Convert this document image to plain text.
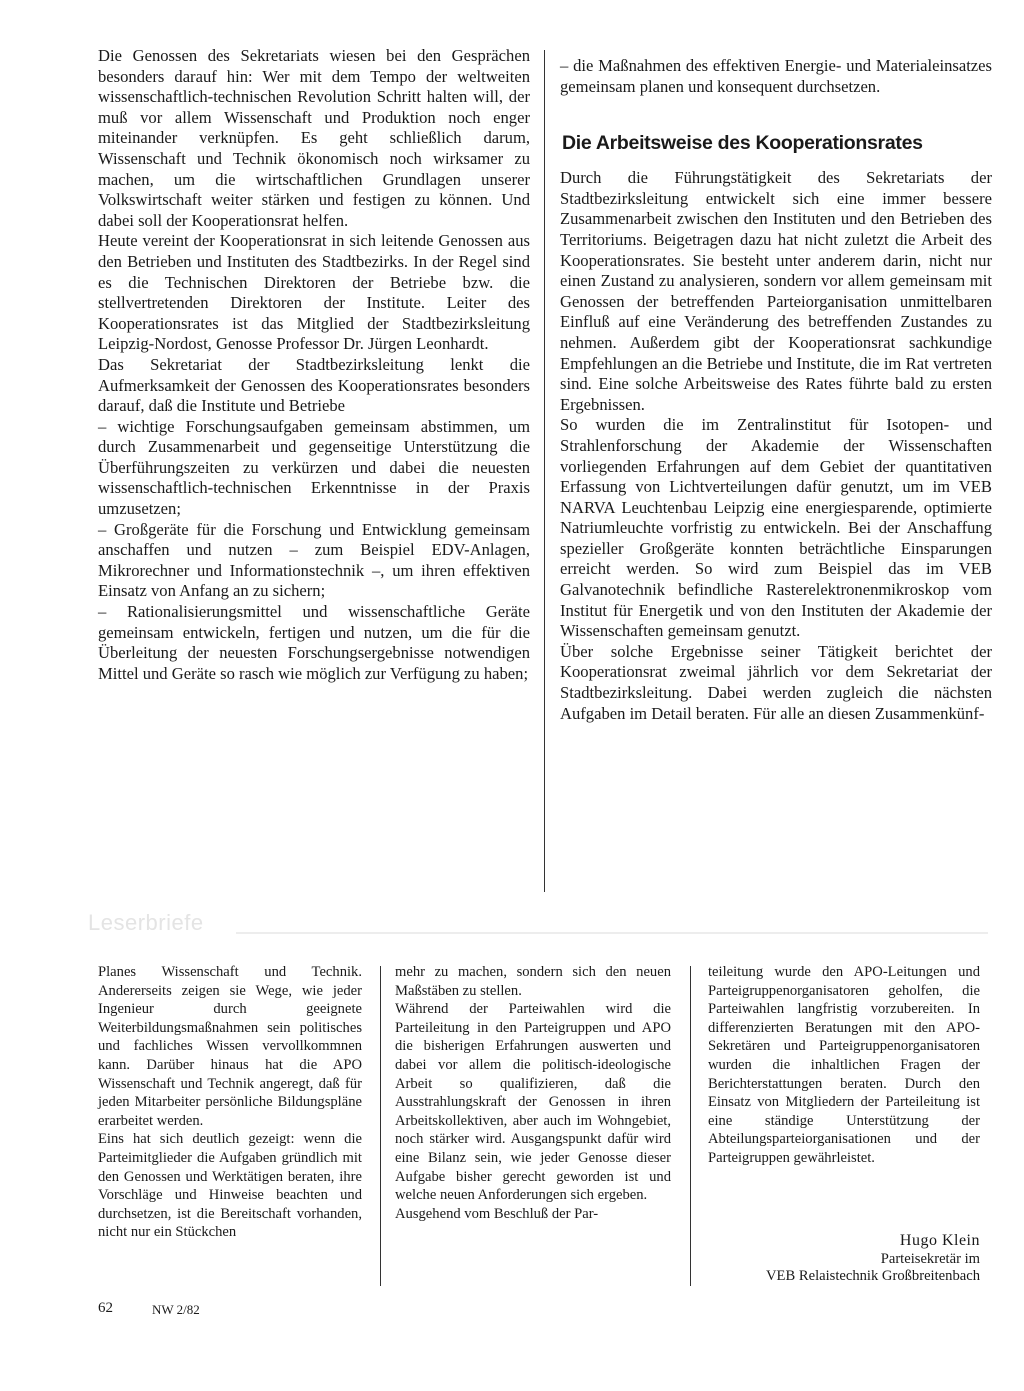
Die Genossen des Sekretariats wiesen bei den Gesprächen besonders darauf hin: Wer mit dem Tempo der weltweiten wissenschaftlich-technischen Revolution Schritt halten will, der muß vor allem Wissenschaft und Produktion noch enger miteinander verknüpfen. Es geht schließlich darum, Wissenschaft und Technik ökonomisch noch wirksamer zu machen, um die wirtschaftlichen Grundlagen unserer Volkswirtschaft weiter stärken und festigen zu können. Und dabei soll der Kooperationsrat helfen.

Heute vereint der Kooperationsrat in sich leitende Genossen aus den Betrieben und Instituten des Stadtbezirks. In der Regel sind es die Technischen Direktoren der Betriebe bzw. die stellvertretenden Direktoren der Institute. Leiter des Kooperationsrates ist das Mitglied der Stadtbezirksleitung Leipzig-Nordost, Genosse Professor Dr. Jürgen Leonhardt.

Das Sekretariat der Stadtbezirksleitung lenkt die Aufmerksamkeit der Genossen des Kooperationsrates besonders darauf, daß die Institute und Betriebe

– wichtige Forschungsaufgaben gemeinsam abstimmen, um durch Zusammenarbeit und gegenseitige Unterstützung die Überführungszeiten zu verkürzen und dabei die neuesten wissenschaftlich-technischen Erkenntnisse in der Praxis umzusetzen;

– Großgeräte für die Forschung und Entwicklung gemeinsam anschaffen und nutzen – zum Beispiel EDV-Anlagen, Mikrorechner und Informationstechnik –, um ihren effektiven Einsatz von Anfang an zu sichern;

– Rationalisierungsmittel und wissenschaftliche Geräte gemeinsam entwickeln, fertigen und nutzen, um die für die Überleitung der neuesten Forschungsergebnisse notwendigen Mittel und Geräte so rasch wie möglich zur Verfügung zu haben;

– die Maßnahmen des effektiven Energie- und Materialeinsatzes gemeinsam planen und konsequent durchsetzen.

Die Arbeitsweise des Kooperationsrates

Durch die Führungstätigkeit des Sekretariats der Stadtbezirksleitung entwickelt sich eine immer bessere Zusammenarbeit zwischen den Instituten und den Betrieben des Territoriums. Beigetragen dazu hat nicht zuletzt die Arbeit des Kooperationsrates. Sie besteht unter anderem darin, nicht nur einen Zustand zu analysieren, sondern vor allem gemeinsam mit Genossen der betreffenden Parteiorganisation unmittelbaren Einfluß auf eine Veränderung des betreffenden Zustandes zu nehmen. Außerdem gibt der Kooperationsrat sachkundige Empfehlungen an die Betriebe und Institute, die im Rat vertreten sind. Eine solche Arbeitsweise des Rates führte bald zu ersten Ergebnissen.

So wurden die im Zentralinstitut für Isotopen- und Strahlenforschung der Akademie der Wissenschaften vorliegenden Erfahrungen auf dem Gebiet der quantitativen Erfassung von Lichtverteilungen dafür genutzt, um im VEB NARVA Leuchtenbau Leipzig eine energiesparende, optimierte Natriumleuchte vorfristig zu entwickeln. Bei der Anschaffung spezieller Großgeräte konnten beträchtliche Einsparungen erreicht werden. So wird zum Beispiel das im VEB Galvanotechnik befindliche Rasterelektronenmikroskop vom Institut für Energetik und von den Instituten der Akademie der Wissenschaften gemeinsam genutzt.

Über solche Ergebnisse seiner Tätigkeit berichtet der Kooperationsrat zweimal jährlich vor dem Sekretariat der Stadtbezirksleitung. Dabei werden zugleich die nächsten Aufgaben im Detail beraten. Für alle an diesen Zusammenkünf-

Leserbriefe

Planes Wissenschaft und Technik. Andererseits zeigen sie Wege, wie jeder Ingenieur durch geeignete Weiterbildungsmaßnahmen sein politisches und fachliches Wissen vervollkommnen kann. Darüber hinaus hat die APO Wissenschaft und Technik angeregt, daß für jeden Mitarbeiter persönliche Bildungspläne erarbeitet werden.

Eins hat sich deutlich gezeigt: wenn die Parteimitglieder die Aufgaben gründlich mit den Genossen und Werktätigen beraten, ihre Vorschläge und Hinweise beachten und durchsetzen, ist die Bereitschaft vorhanden, nicht nur ein Stückchen

mehr zu machen, sondern sich den neuen Maßstäben zu stellen.

Während der Parteiwahlen wird die Parteileitung in den Parteigruppen und APO die bisherigen Erfahrungen auswerten und dabei vor allem die politisch-ideologische Arbeit so qualifizieren, daß die Ausstrahlungskraft der Genossen in ihren Arbeitskollektiven, aber auch im Wohngebiet, noch stärker wird. Ausgangspunkt dafür wird eine Bilanz sein, wie jeder Genosse dieser Aufgabe bisher gerecht geworden ist und welche neuen Anforderungen sich ergeben.

Ausgehend vom Beschluß der Par-

teileitung wurde den APO-Leitungen und Parteigruppenorganisatoren geholfen, die Parteiwahlen langfristig vorzubereiten. In differenzierten Beratungen mit den APO-Sekretären und Parteigruppenorganisatoren wurden die inhaltlichen Fragen der Berichterstattungen beraten. Durch den Einsatz von Mitgliedern der Parteileitung ist eine ständige Unterstützung der Abteilungsparteiorganisationen und der Parteigruppen gewährleistet.

Hugo Klein
Parteisekretär im
VEB Relaistechnik Großbreitenbach
62	NW 2/82
